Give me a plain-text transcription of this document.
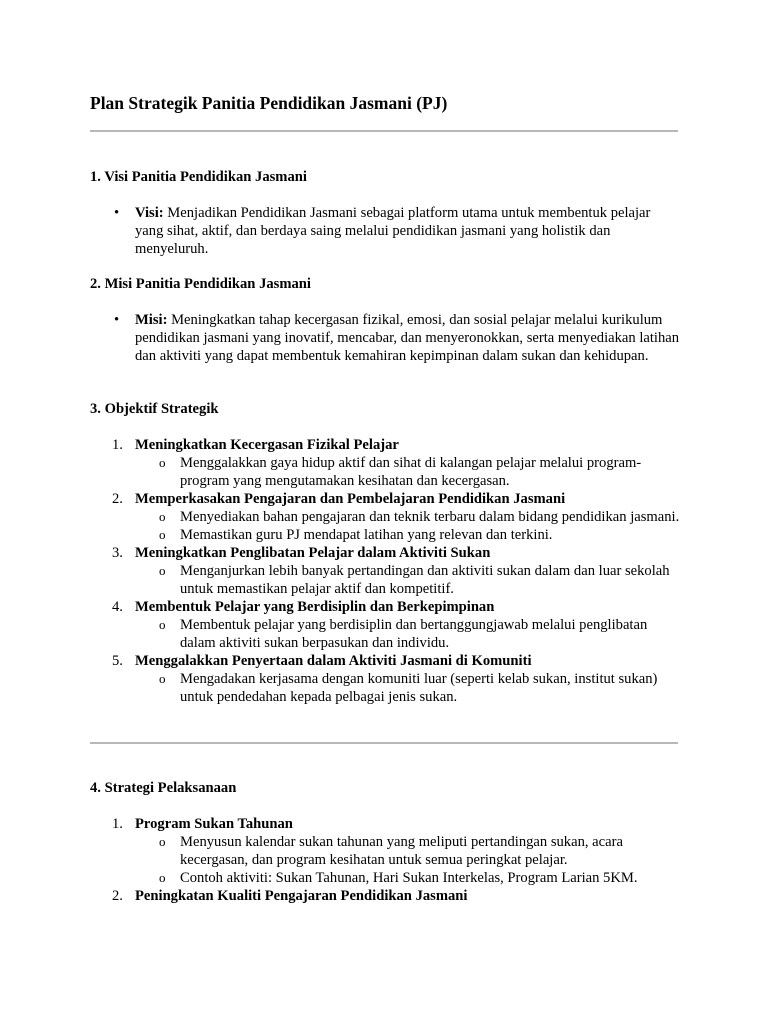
Plan Strategik Panitia Pendidikan Jasmani (PJ)

1. Visi Panitia Pendidikan Jasmani

• Visi: Menjadikan Pendidikan Jasmani sebagai platform utama untuk membentuk pelajar yang sihat, aktif, dan berdaya saing melalui pendidikan jasmani yang holistik dan menyeluruh.

2. Misi Panitia Pendidikan Jasmani

• Misi: Meningkatkan tahap kecergasan fizikal, emosi, dan sosial pelajar melalui kurikulum pendidikan jasmani yang inovatif, mencabar, dan menyeronokkan, serta menyediakan latihan dan aktiviti yang dapat membentuk kemahiran kepimpinan dalam sukan dan kehidupan.

3. Objektif Strategik

1. Meningkatkan Kecergasan Fizikal Pelajar
o Menggalakkan gaya hidup aktif dan sihat di kalangan pelajar melalui program-program yang mengutamakan kesihatan dan kecergasan.
2. Memperkasakan Pengajaran dan Pembelajaran Pendidikan Jasmani
o Menyediakan bahan pengajaran dan teknik terbaru dalam bidang pendidikan jasmani.
o Memastikan guru PJ mendapat latihan yang relevan dan terkini.
3. Meningkatkan Penglibatan Pelajar dalam Aktiviti Sukan
o Menganjurkan lebih banyak pertandingan dan aktiviti sukan dalam dan luar sekolah untuk memastikan pelajar aktif dan kompetitif.
4. Membentuk Pelajar yang Berdisiplin dan Berkepimpinan
o Membentuk pelajar yang berdisiplin dan bertanggungjawab melalui penglibatan dalam aktiviti sukan berpasukan dan individu.
5. Menggalakkan Penyertaan dalam Aktiviti Jasmani di Komuniti
o Mengadakan kerjasama dengan komuniti luar (seperti kelab sukan, institut sukan) untuk pendedahan kepada pelbagai jenis sukan.

4. Strategi Pelaksanaan

1. Program Sukan Tahunan
o Menyusun kalendar sukan tahunan yang meliputi pertandingan sukan, acara kecergasan, dan program kesihatan untuk semua peringkat pelajar.
o Contoh aktiviti: Sukan Tahunan, Hari Sukan Interkelas, Program Larian 5KM.
2. Peningkatan Kualiti Pengajaran Pendidikan Jasmani
